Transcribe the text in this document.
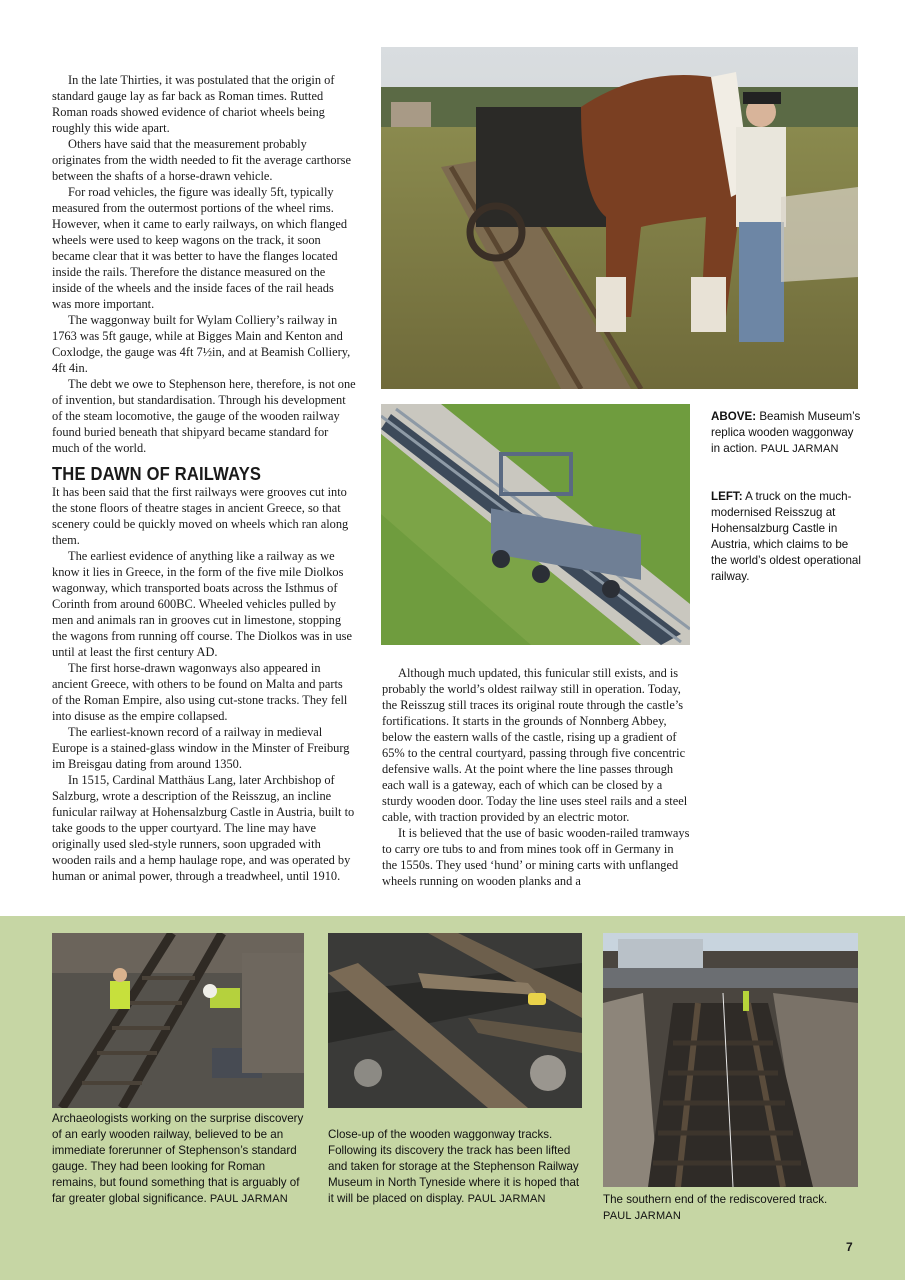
In the late Thirties, it was postulated that the origin of standard gauge lay as far back as Roman times. Rutted Roman roads showed evidence of chariot wheels being roughly this wide apart.

Others have said that the measurement probably originates from the width needed to fit the average carthorse between the shafts of a horse-drawn vehicle.

For road vehicles, the figure was ideally 5ft, typically measured from the outermost portions of the wheel rims. However, when it came to early railways, on which flanged wheels were used to keep wagons on the track, it soon became clear that it was better to have the flanges located inside the rails. Therefore the distance measured on the inside of the wheels and the inside faces of the rail heads was more important.

The waggonway built for Wylam Colliery’s railway in 1763 was 5ft gauge, while at Bigges Main and Kenton and Coxlodge, the gauge was 4ft 7½in, and at Beamish Colliery, 4ft 4in.

The debt we owe to Stephenson here, therefore, is not one of invention, but standardisation. Through his development of the steam locomotive, the gauge of the wooden railway found buried beneath that shipyard became standard for much of the world.

THE DAWN OF RAILWAYS

It has been said that the first railways were grooves cut into the stone floors of theatre stages in ancient Greece, so that scenery could be quickly moved on wheels which ran along them.

The earliest evidence of anything like a railway as we know it lies in Greece, in the form of the five mile Diolkos wagonway, which transported boats across the Isthmus of Corinth from around 600BC. Wheeled vehicles pulled by men and animals ran in grooves cut in limestone, stopping the wagons from running off course. The Diolkos was in use until at least the first century AD.

The first horse-drawn wagonways also appeared in ancient Greece, with others to be found on Malta and parts of the Roman Empire, also using cut-stone tracks. They fell into disuse as the empire collapsed.

The earliest-known record of a railway in medieval Europe is a stained-glass window in the Minster of Freiburg im Breisgau dating from around 1350.

In 1515, Cardinal Matthäus Lang, later Archbishop of Salzburg, wrote a description of the Reisszug, an incline funicular railway at Hohensalzburg Castle in Austria, built to take goods to the upper courtyard. The line may have originally used sled-style runners, soon upgraded with wooden rails and a hemp haulage rope, and was operated by human or animal power, through a treadwheel, until 1910.

ABOVE: Beamish Museum’s replica wooden waggonway in action. PAUL JARMAN
LEFT: A truck on the much-modernised Reisszug at Hohensalzburg Castle in Austria, which claims to be the world’s oldest operational railway.

Although much updated, this funicular still exists, and is probably the world’s oldest railway still in operation. Today, the Reisszug still traces its original route through the castle’s fortifications. It starts in the grounds of Nonnberg Abbey, below the eastern walls of the castle, rising up a gradient of 65% to the central courtyard, passing through five concentric defensive walls. At the point where the line passes through each wall is a gateway, each of which can be closed by a sturdy wooden door. Today the line uses steel rails and a steel cable, with traction provided by an electric motor.

It is believed that the use of basic wooden-railed tramways to carry ore tubs to and from mines took off in Germany in the 1550s. They used ‘hund’ or mining carts with unflanged wheels running on wooden planks and a

Archaeologists working on the surprise discovery of an early wooden railway, believed to be an immediate forerunner of Stephenson’s standard gauge. They had been looking for Roman remains, but found something that is arguably of far greater global significance. PAUL JARMAN
Close-up of the wooden waggonway tracks. Following its discovery the track has been lifted and taken for storage at the Stephenson Railway Museum in North Tyneside where it is hoped that it will be placed on display. PAUL JARMAN	The southern end of the rediscovered track.
PAUL JARMAN
7
